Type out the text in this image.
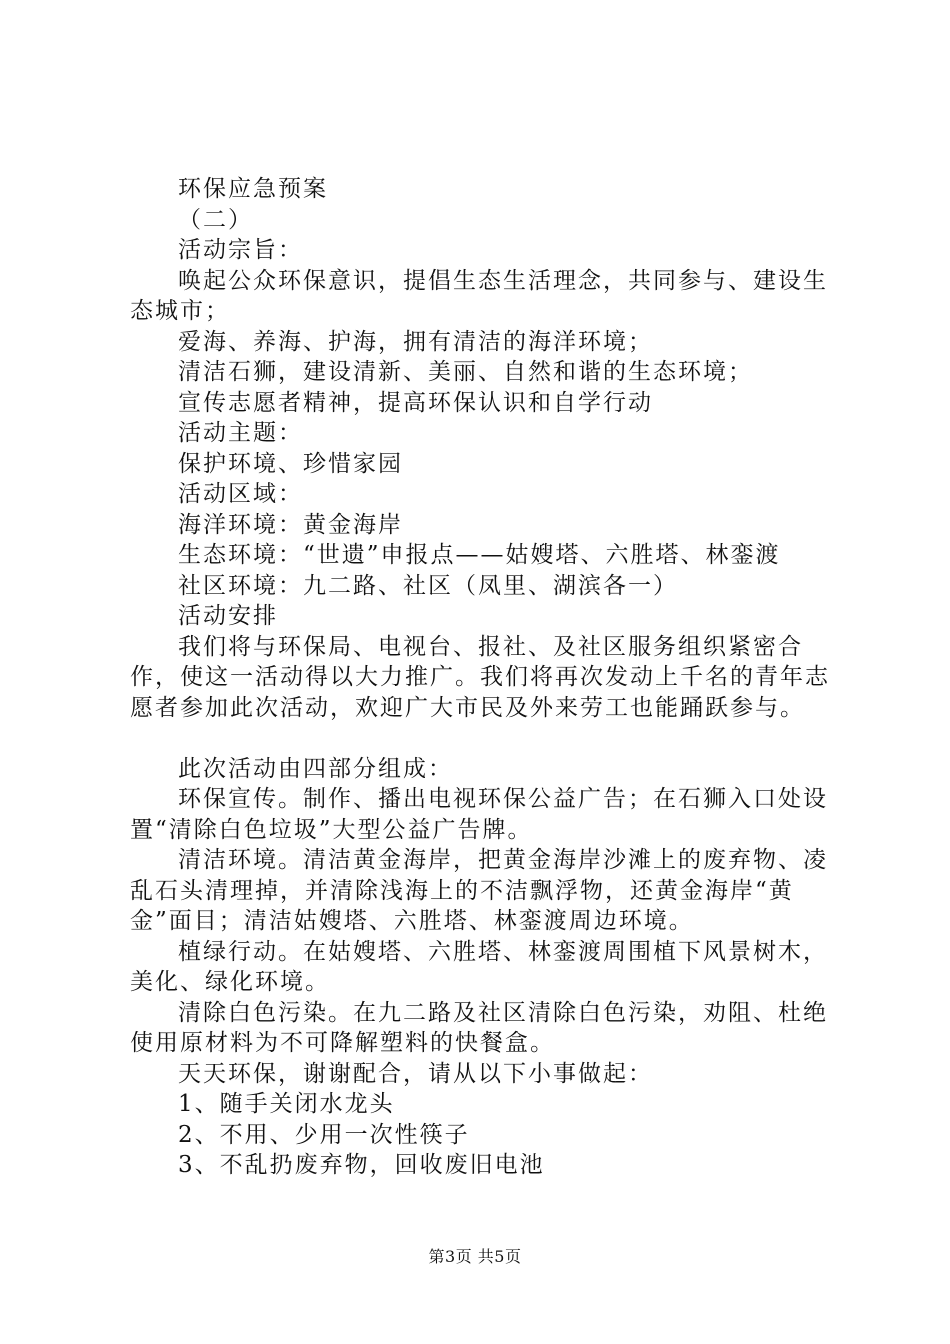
环保应急预案

（二）

活动宗旨：

唤起公众环保意识，提倡生态生活理念，共同参与、建设生态城市；

爱海、养海、护海，拥有清洁的海洋环境；

清洁石狮，建设清新、美丽、自然和谐的生态环境；

宣传志愿者精神，提高环保认识和自学行动

活动主题：

保护环境、珍惜家园

活动区域：

海洋环境：黄金海岸

生态环境：“世遗”申报点——姑嫂塔、六胜塔、林銮渡

社区环境：九二路、社区（凤里、湖滨各一）

活动安排

我们将与环保局、电视台、报社、及社区服务组织紧密合作，使这一活动得以大力推广。我们将再次发动上千名的青年志愿者参加此次活动，欢迎广大市民及外来劳工也能踊跃参与。

此次活动由四部分组成：

环保宣传。制作、播出电视环保公益广告；在石狮入口处设置“清除白色垃圾”大型公益广告牌。

清洁环境。清洁黄金海岸，把黄金海岸沙滩上的废弃物、凌乱石头清理掉，并清除浅海上的不洁飘浮物，还黄金海岸“黄金”面目；清洁姑嫂塔、六胜塔、林銮渡周边环境。

植绿行动。在姑嫂塔、六胜塔、林銮渡周围植下风景树木，美化、绿化环境。

清除白色污染。在九二路及社区清除白色污染，劝阻、杜绝使用原材料为不可降解塑料的快餐盒。

天天环保，谢谢配合，请从以下小事做起：

1、随手关闭水龙头

2、不用、少用一次性筷子

3、不乱扔废弃物，回收废旧电池

第3页 共5页
